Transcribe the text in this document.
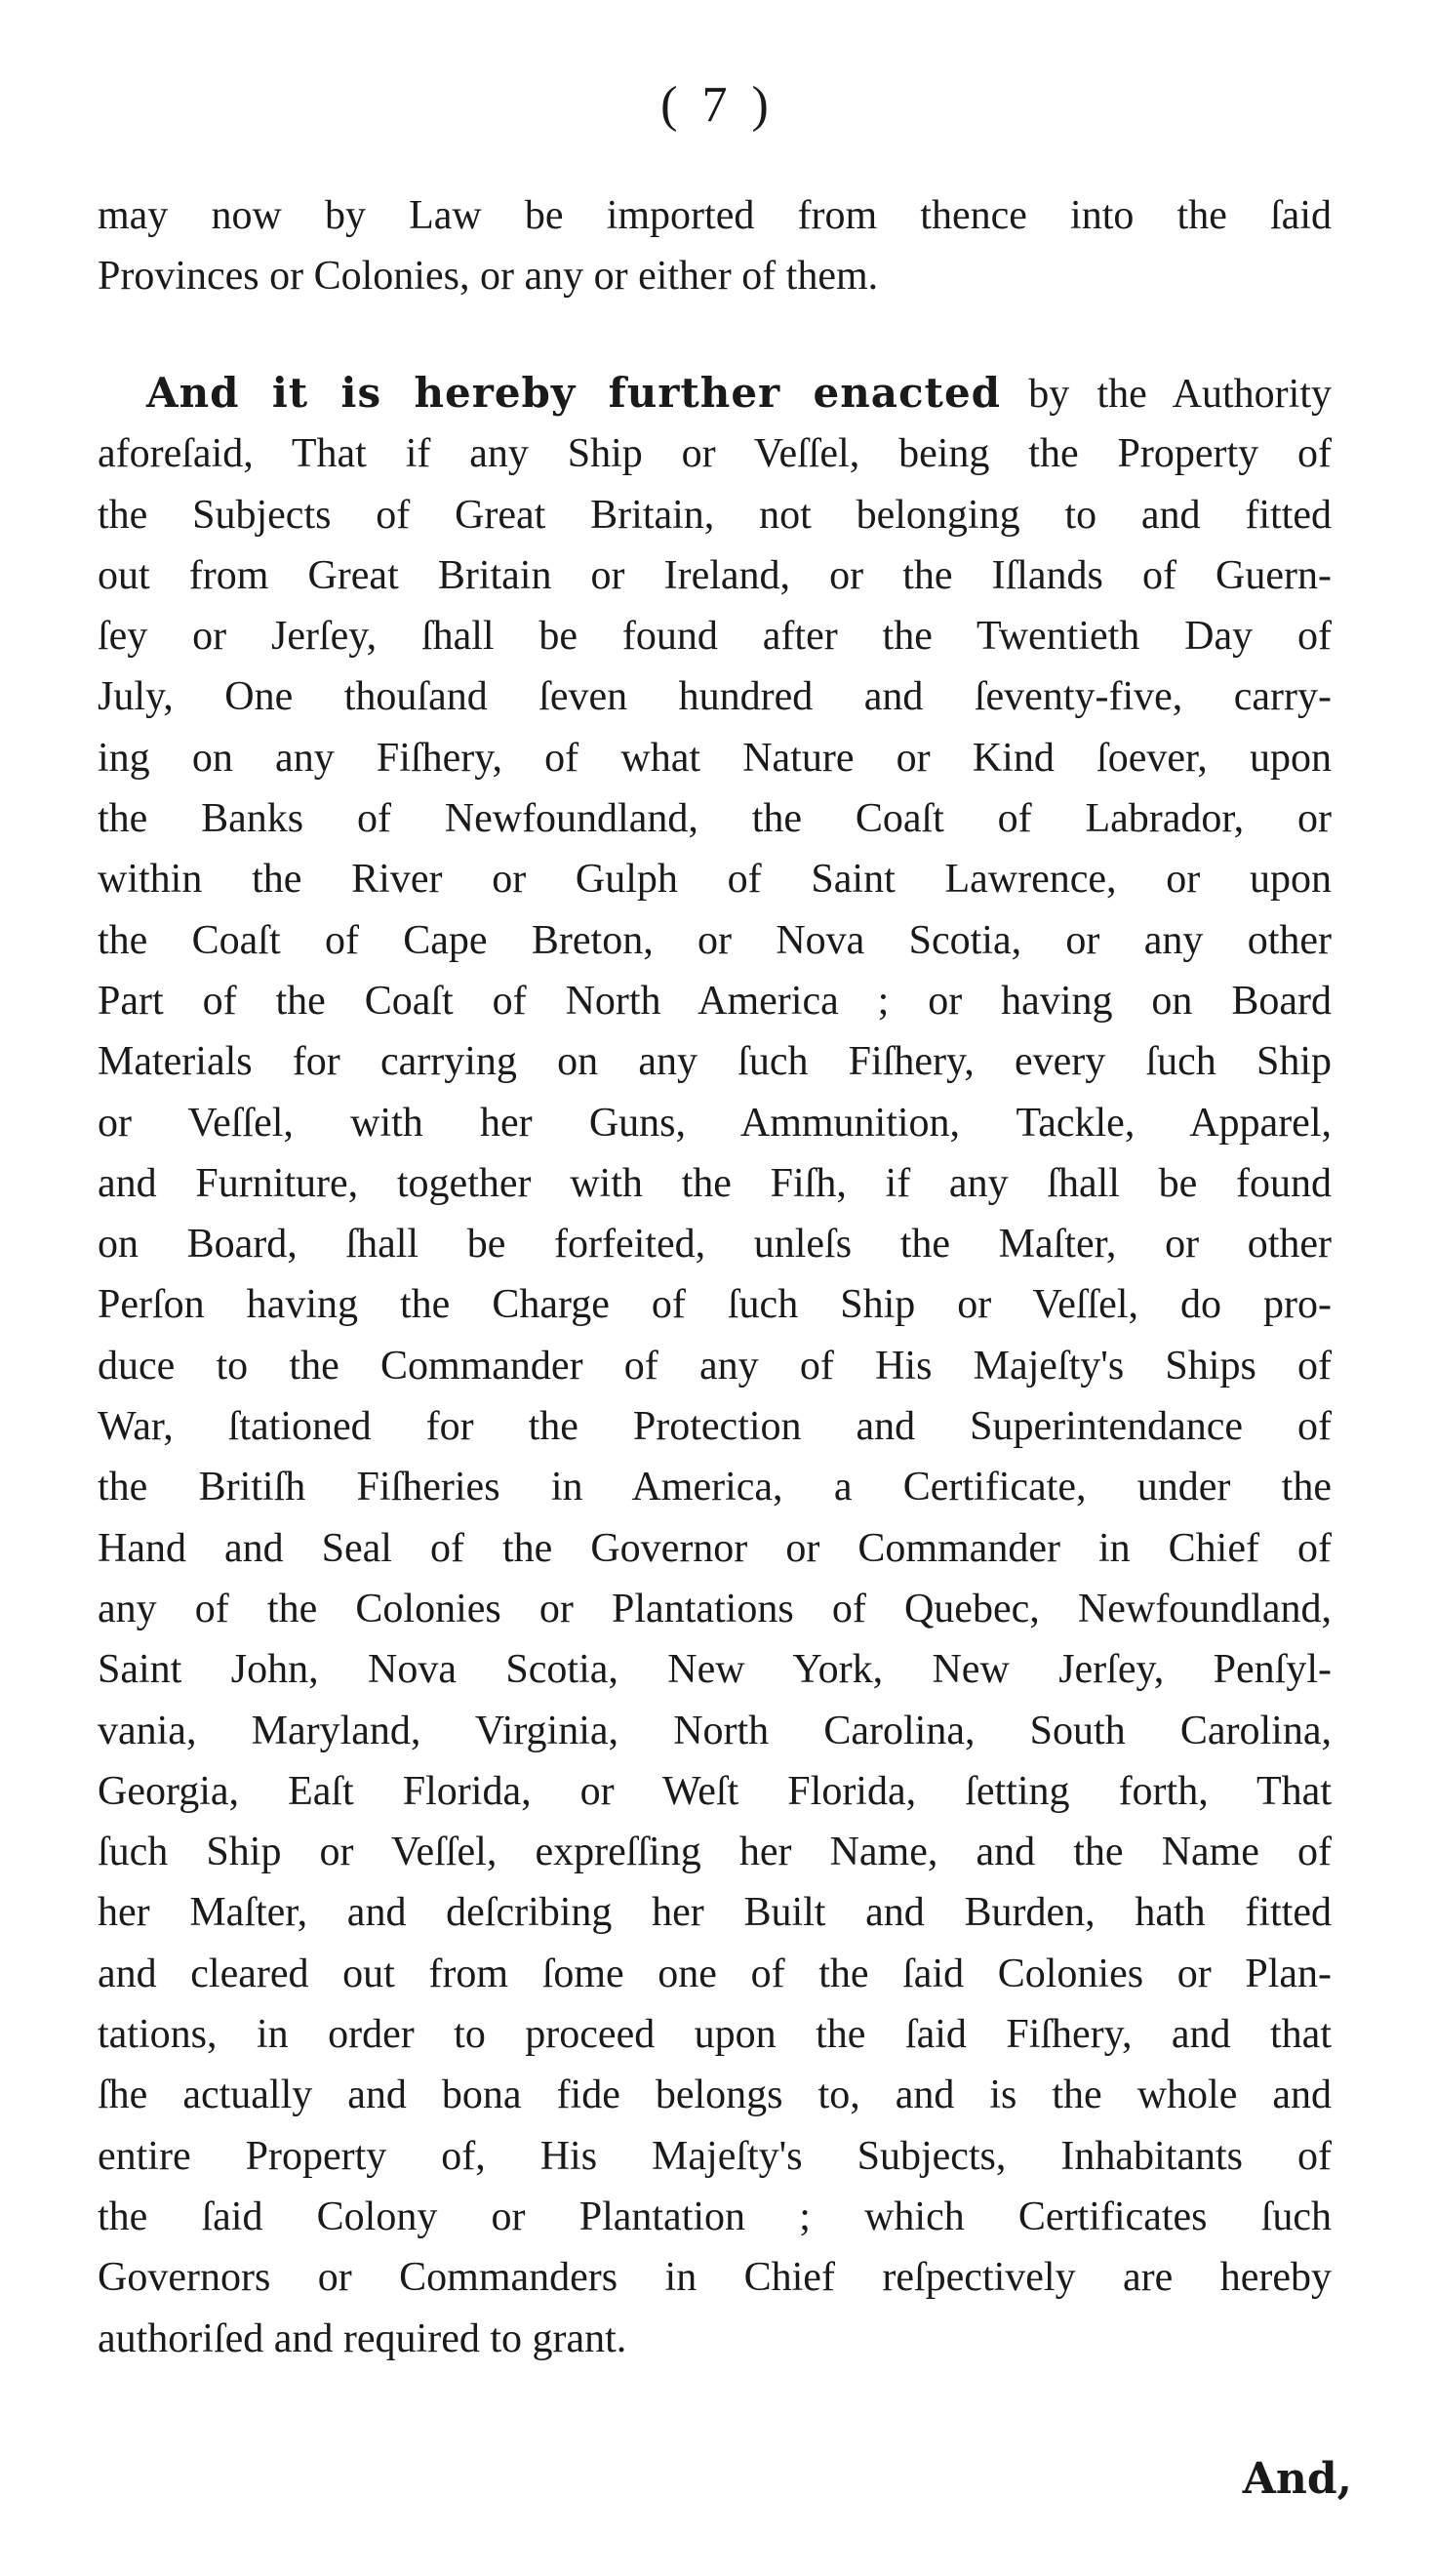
( 7 )
may now by Law be imported from thence into the ſaid
Provinces or Colonies, or any or either of them.
And it is hereby further enacted by the Authority
aforeſaid, That if any Ship or Veſſel, being the Property of
the Subjects of Great Britain, not belonging to and fitted
out from Great Britain or Ireland, or the Iſlands of Guern-
ſey or Jerſey, ſhall be found after the Twentieth Day of
July, One thouſand ſeven hundred and ſeventy-five, carry-
ing on any Fiſhery, of what Nature or Kind ſoever, upon
the Banks of Newfoundland, the Coaſt of Labrador, or
within the River or Gulph of Saint Lawrence, or upon
the Coaſt of Cape Breton, or Nova Scotia, or any other
Part of the Coaſt of North America ; or having on Board
Materials for carrying on any ſuch Fiſhery, every ſuch Ship
or Veſſel, with her Guns, Ammunition, Tackle, Apparel,
and Furniture, together with the Fiſh, if any ſhall be found
on Board, ſhall be forfeited, unleſs the Maſter, or other
Perſon having the Charge of ſuch Ship or Veſſel, do pro-
duce to the Commander of any of His Majeſty's Ships of
War, ſtationed for the Protection and Superintendance of
the Britiſh Fiſheries in America, a Certificate, under the
Hand and Seal of the Governor or Commander in Chief of
any of the Colonies or Plantations of Quebec, Newfoundland,
Saint John, Nova Scotia, New York, New Jerſey, Penſyl-
vania, Maryland, Virginia, North Carolina, South Carolina,
Georgia, Eaſt Florida, or Weſt Florida, ſetting forth, That
ſuch Ship or Veſſel, expreſſing her Name, and the Name of
her Maſter, and deſcribing her Built and Burden, hath fitted
and cleared out from ſome one of the ſaid Colonies or Plan-
tations, in order to proceed upon the ſaid Fiſhery, and that
ſhe actually and bona fide belongs to, and is the whole and
entire Property of, His Majeſty's Subjects, Inhabitants of
the ſaid Colony or Plantation ; which Certificates ſuch
Governors or Commanders in Chief reſpectively are hereby
authoriſed and required to grant.
And,
